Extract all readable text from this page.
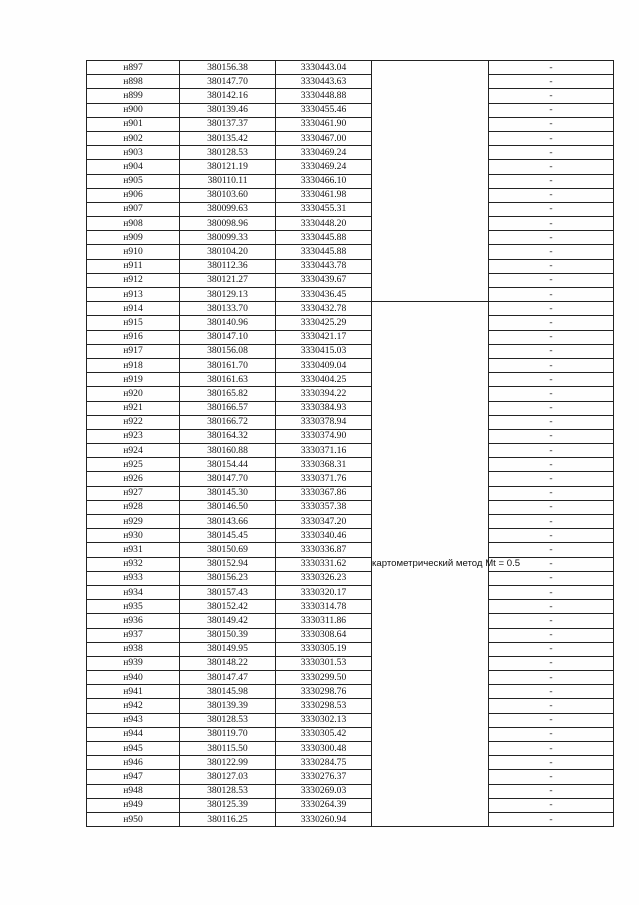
н897	380156.38	3330443.04		-
н898	380147.70	3330443.63		-
н899	380142.16	3330448.88		-
н900	380139.46	3330455.46		-
н901	380137.37	3330461.90		-
н902	380135.42	3330467.00		-
н903	380128.53	3330469.24		-
н904	380121.19	3330469.24		-
н905	380110.11	3330466.10		-
н906	380103.60	3330461.98		-
н907	380099.63	3330455.31		-
н908	380098.96	3330448.20		-
н909	380099.33	3330445.88		-
н910	380104.20	3330445.88		-
н911	380112.36	3330443.78		-
н912	380121.27	3330439.67		-
н913	380129.13	3330436.45		-
н914	380133.70	3330432.78	картометрический метод Mt = 0.5	-
н915	380140.96	3330425.29		-
н916	380147.10	3330421.17		-
н917	380156.08	3330415.03		-
н918	380161.70	3330409.04		-
н919	380161.63	3330404.25		-
н920	380165.82	3330394.22		-
н921	380166.57	3330384.93		-
н922	380166.72	3330378.94		-
н923	380164.32	3330374.90		-
н924	380160.88	3330371.16		-
н925	380154.44	3330368.31		-
н926	380147.70	3330371.76		-
н927	380145.30	3330367.86		-
н928	380146.50	3330357.38		-
н929	380143.66	3330347.20		-
н930	380145.45	3330340.46		-
н931	380150.69	3330336.87		-
н932	380152.94	3330331.62		-
н933	380156.23	3330326.23		-
н934	380157.43	3330320.17		-
н935	380152.42	3330314.78		-
н936	380149.42	3330311.86		-
н937	380150.39	3330308.64		-
н938	380149.95	3330305.19		-
н939	380148.22	3330301.53		-
н940	380147.47	3330299.50		-
н941	380145.98	3330298.76		-
н942	380139.39	3330298.53		-
н943	380128.53	3330302.13		-
н944	380119.70	3330305.42		-
н945	380115.50	3330300.48		-
н946	380122.99	3330284.75		-
н947	380127.03	3330276.37		-
н948	380128.53	3330269.03		-
н949	380125.39	3330264.39		-
н950	380116.25	3330260.94		-
